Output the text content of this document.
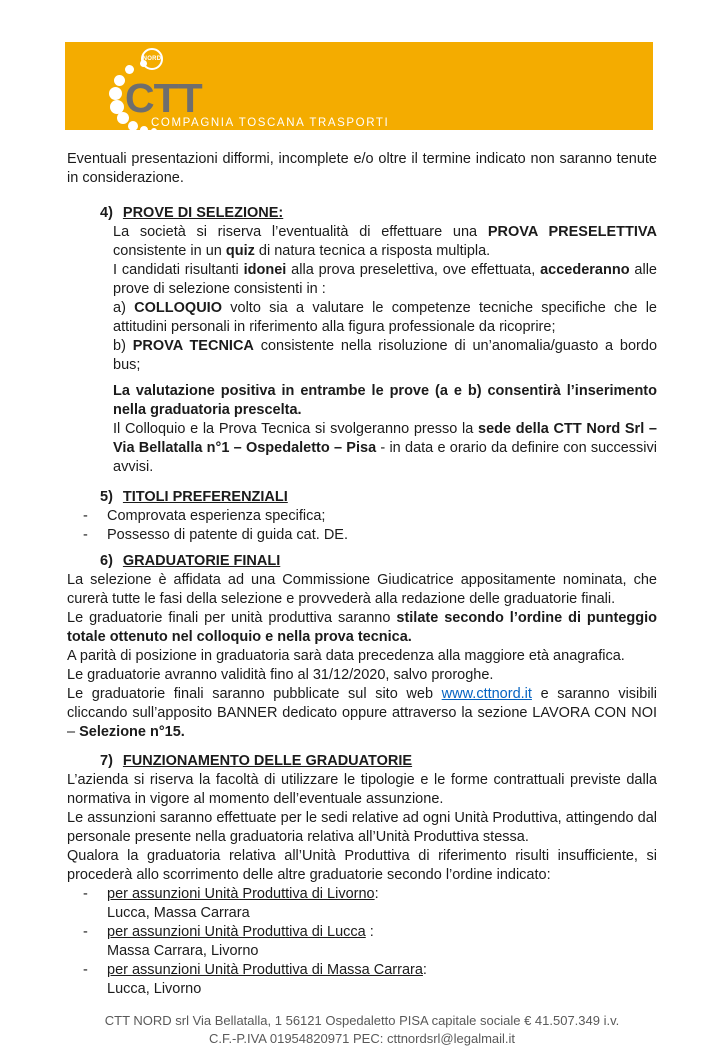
NORD
CTT
COMPAGNIA TOSCANA TRASPORTI

Eventuali presentazioni difformi, incomplete e/o oltre il termine indicato non saranno tenute in considerazione.

4) PROVE DI SELEZIONE:

La società si riserva l’eventualità di effettuare una PROVA PRESELETTIVA consistente in un quiz di natura tecnica a risposta multipla.

I candidati risultanti idonei alla prova preselettiva, ove effettuata, accederanno alle prove di selezione consistenti in :

a) COLLOQUIO volto sia a valutare le competenze tecniche specifiche che le attitudini personali in riferimento alla figura professionale da ricoprire;

b) PROVA TECNICA consistente nella risoluzione di un’anomalia/guasto a bordo bus;

La valutazione positiva in entrambe le prove (a e b) consentirà l’inserimento nella graduatoria prescelta.

Il Colloquio e la Prova Tecnica si svolgeranno presso la sede della CTT Nord Srl – Via Bellatalla n°1 – Ospedaletto – Pisa - in data e orario da definire con successivi avvisi.

5) TITOLI PREFERENZIALI
-	Comprovata esperienza specifica;
-	Possesso di patente di guida cat. DE.
6) GRADUATORIE FINALI

La selezione è affidata ad una Commissione Giudicatrice appositamente nominata, che curerà tutte le fasi della selezione e provvederà alla redazione delle graduatorie finali.

Le graduatorie finali per unità produttiva saranno stilate secondo l’ordine di punteggio totale ottenuto nel colloquio e nella prova tecnica.

A parità di posizione in graduatoria sarà data precedenza alla maggiore età anagrafica.

Le graduatorie avranno validità fino al 31/12/2020, salvo proroghe.

Le graduatorie finali saranno pubblicate sul sito web www.cttnord.it e saranno visibili cliccando sull’apposito BANNER dedicato oppure attraverso la sezione LAVORA CON NOI – Selezione n°15.

7) FUNZIONAMENTO DELLE GRADUATORIE

L’azienda si riserva la facoltà di utilizzare le tipologie e le forme contrattuali previste dalla normativa in vigore al momento dell’eventuale assunzione.

Le assunzioni saranno effettuate per le sedi relative ad ogni Unità Produttiva, attingendo dal personale presente nella graduatoria relativa all’Unità Produttiva stessa.

Qualora la graduatoria relativa all’Unità Produttiva di riferimento risulti insufficiente, si procederà allo scorrimento delle altre graduatorie secondo l’ordine indicato:

-	per assunzioni Unità Produttiva di Livorno:
Lucca, Massa Carrara
-	per assunzioni Unità Produttiva di Lucca :
Massa Carrara, Livorno
-	per assunzioni Unità Produttiva di Massa Carrara:
Lucca, Livorno

CTT NORD srl Via Bellatalla, 1 56121 Ospedaletto PISA capitale sociale € 41.507.349 i.v.

C.F.-P.IVA 01954820971 PEC: cttnordsrl@legalmail.it
